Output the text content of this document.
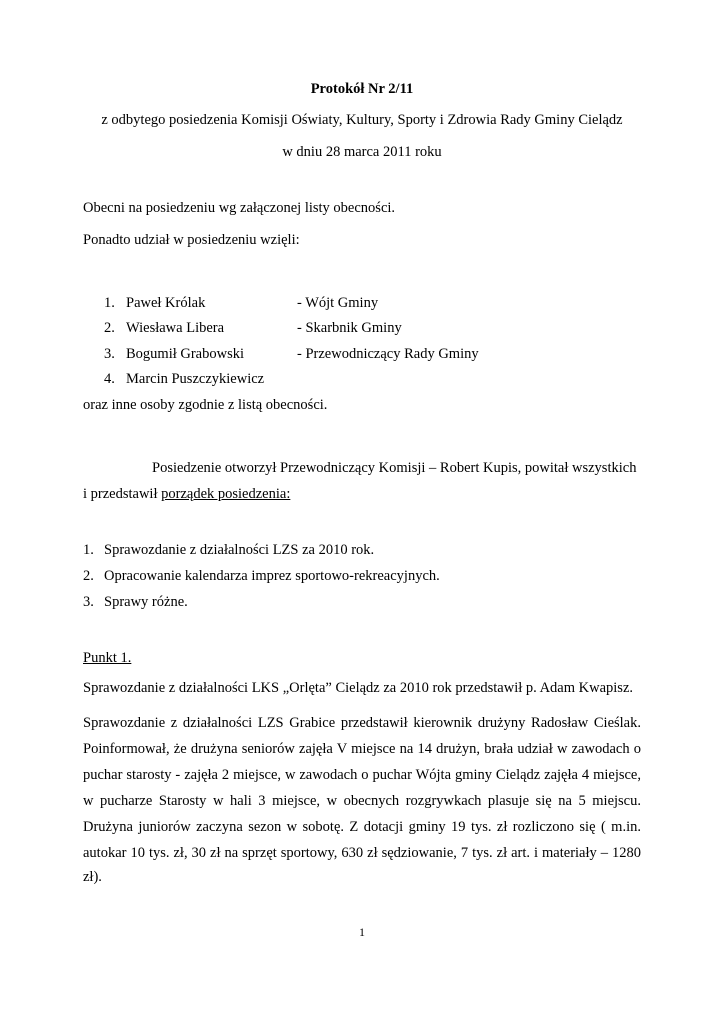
Protokół Nr 2/11
z odbytego posiedzenia Komisji Oświaty, Kultury, Sporty i Zdrowia Rady Gminy Cielądz
w dniu 28 marca 2011 roku
Obecni na posiedzeniu wg załączonej listy obecności.
Ponadto udział w posiedzeniu wzięli:
1. Paweł Królak	- Wójt Gminy
2. Wiesława Libera	- Skarbnik Gminy
3. Bogumił Grabowski	- Przewodniczący Rady Gminy
4. Marcin Puszczykiewicz
oraz inne osoby zgodnie z listą obecności.
Posiedzenie otworzył Przewodniczący Komisji – Robert Kupis, powitał wszystkich
i przedstawił porządek posiedzenia:
1. Sprawozdanie z działalności LZS za 2010 rok.
2. Opracowanie kalendarza imprez sportowo-rekreacyjnych.
3. Sprawy różne.
Punkt 1.
Sprawozdanie z działalności LKS „Orlęta” Cielądz za 2010 rok przedstawił p. Adam Kwapisz.
Sprawozdanie z działalności LZS Grabice przedstawił kierownik drużyny Radosław Cieślak.
Poinformował, że drużyna seniorów zajęła V miejsce na 14 drużyn, brała udział w zawodach o
puchar starosty - zajęła 2 miejsce, w zawodach o puchar Wójta gminy Cielądz zajęła 4 miejsce,
w pucharze Starosty w hali 3 miejsce, w obecnych rozgrywkach plasuje się na 5 miejscu.
Drużyna juniorów zaczyna sezon w sobotę. Z dotacji gminy 19 tys. zł rozliczono się ( m.in.
autokar 10 tys. zł, 30 zł na sprzęt sportowy, 630 zł sędziowanie, 7 tys. zł art. i materiały – 1280
zł).
1
